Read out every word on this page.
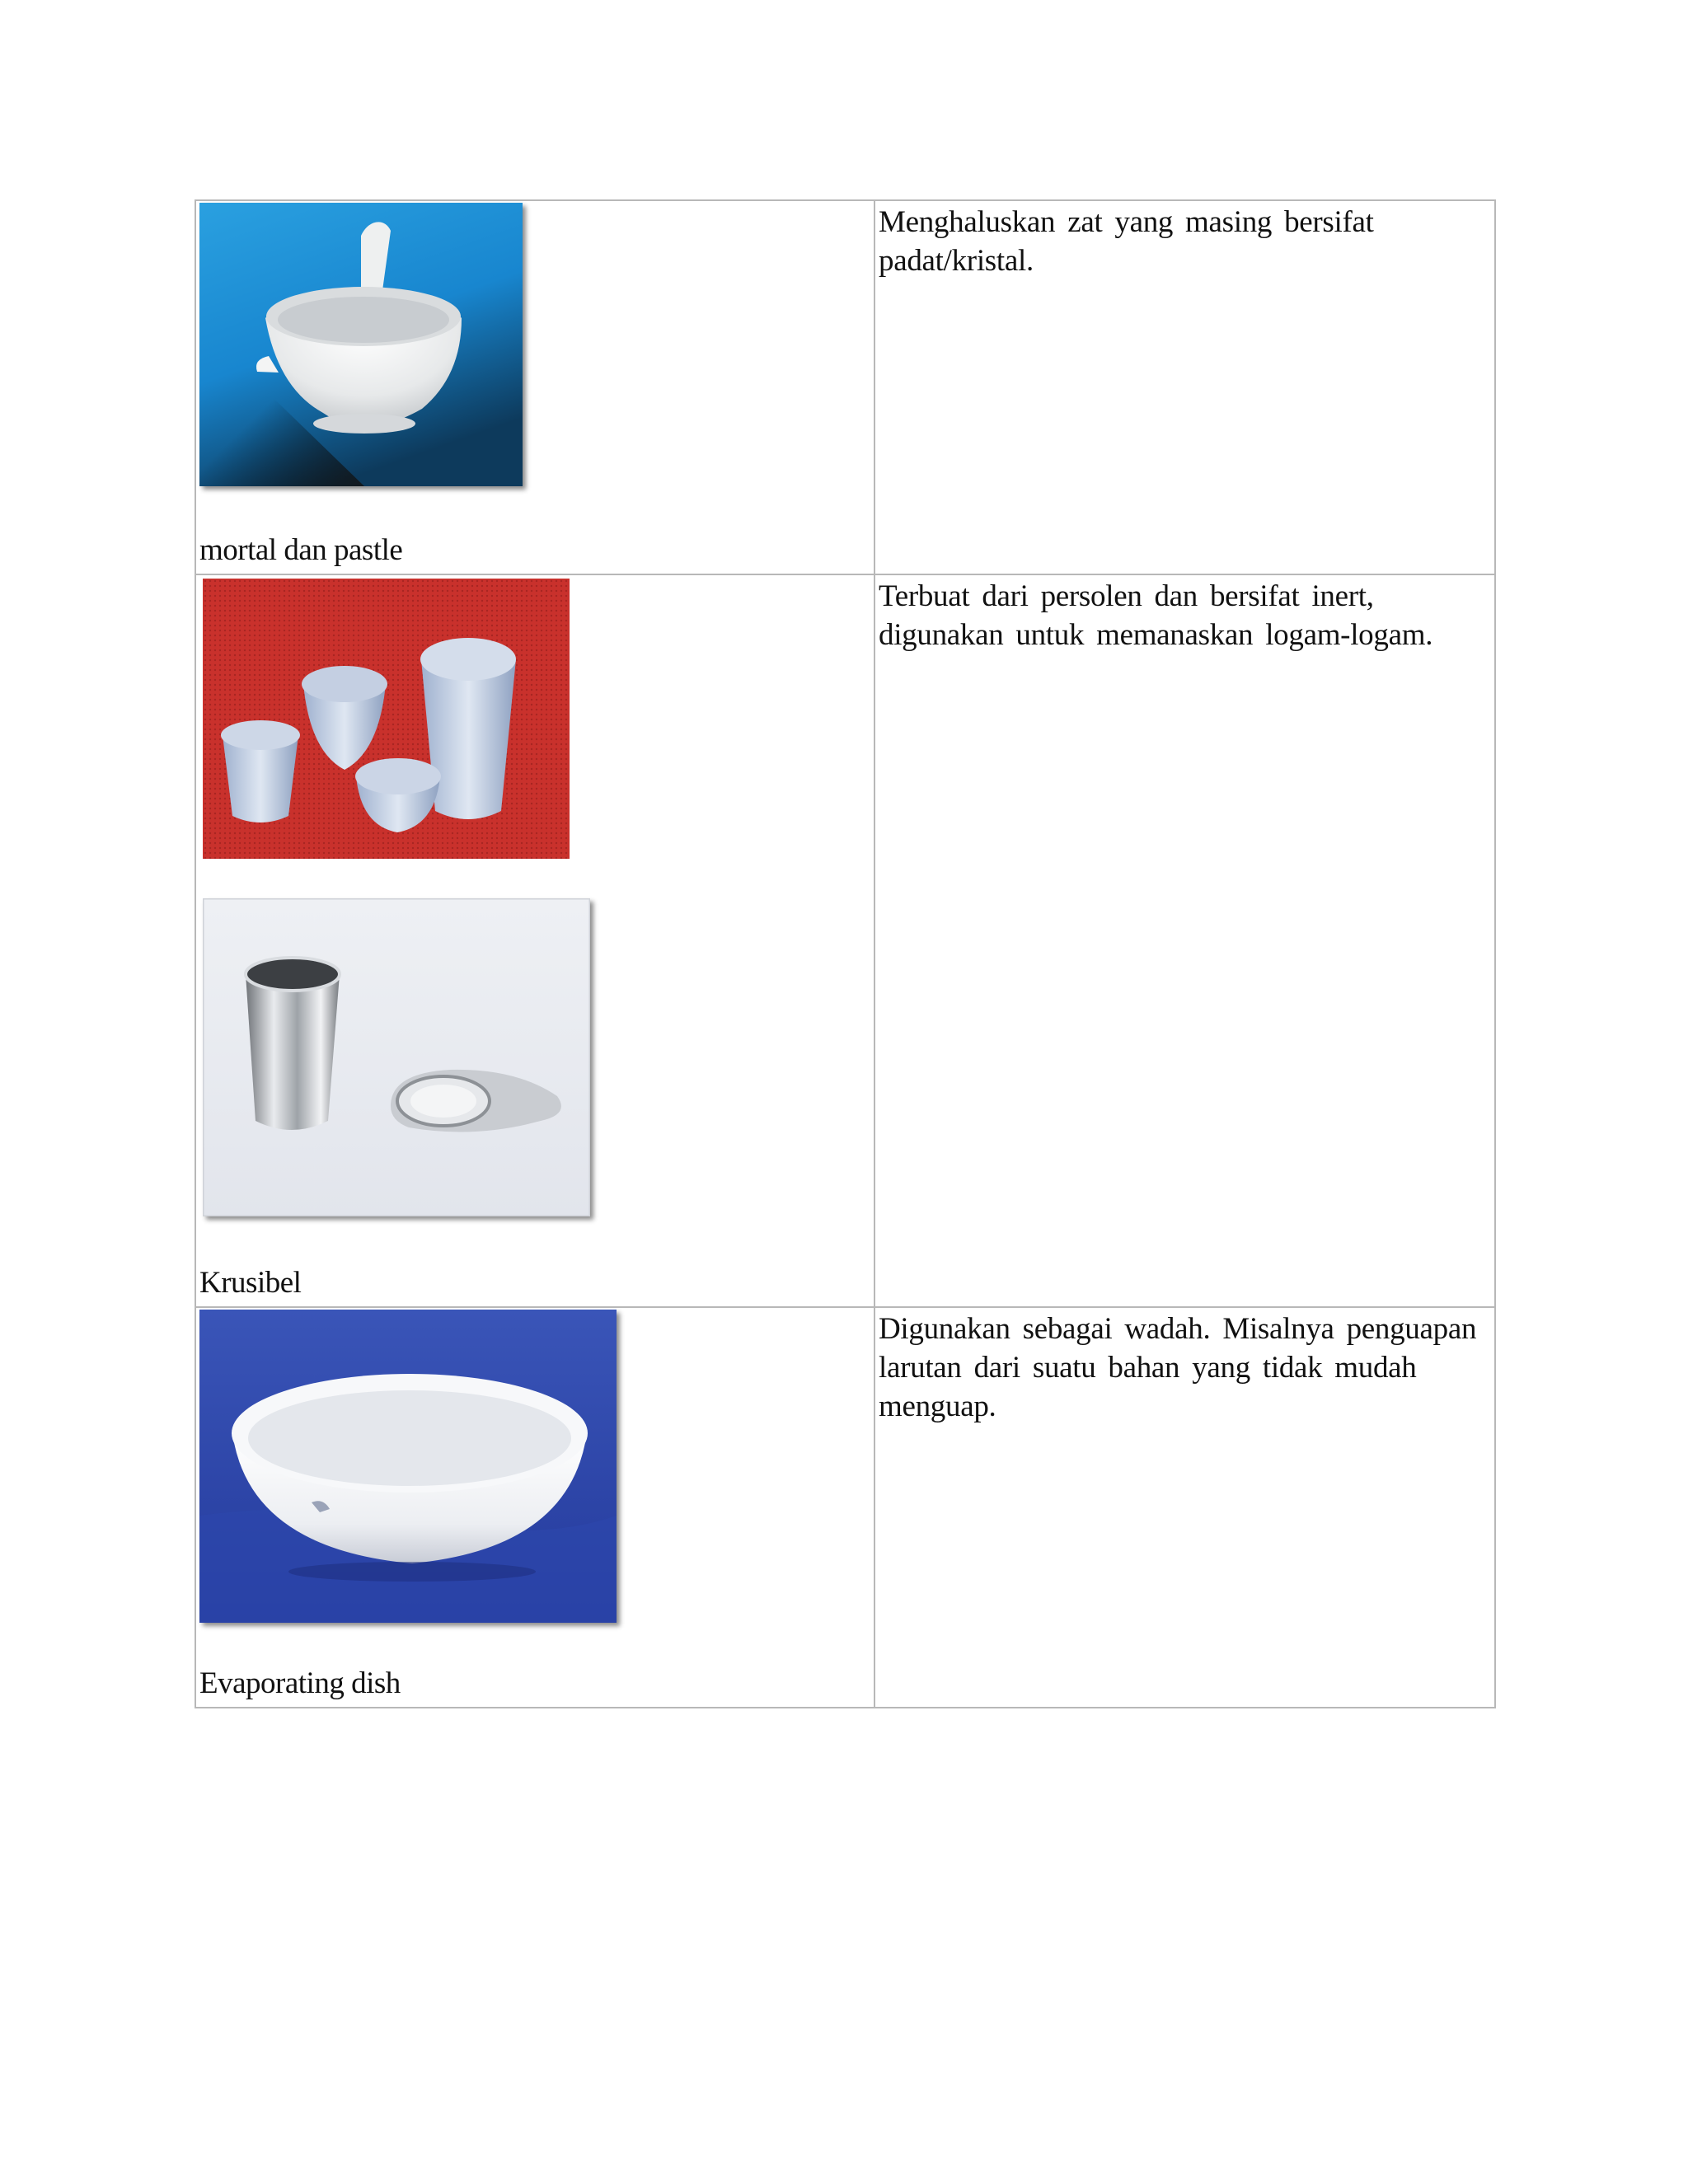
mortal dan pastle	Menghaluskan zat yang masing bersifat padat/kristal.

Krusibel	Terbuat dari persolen dan bersifat inert, digunakan untuk memanaskan logam-logam.

Evaporating dish	Digunakan sebagai wadah. Misalnya penguapan larutan dari suatu bahan yang tidak mudah menguap.
